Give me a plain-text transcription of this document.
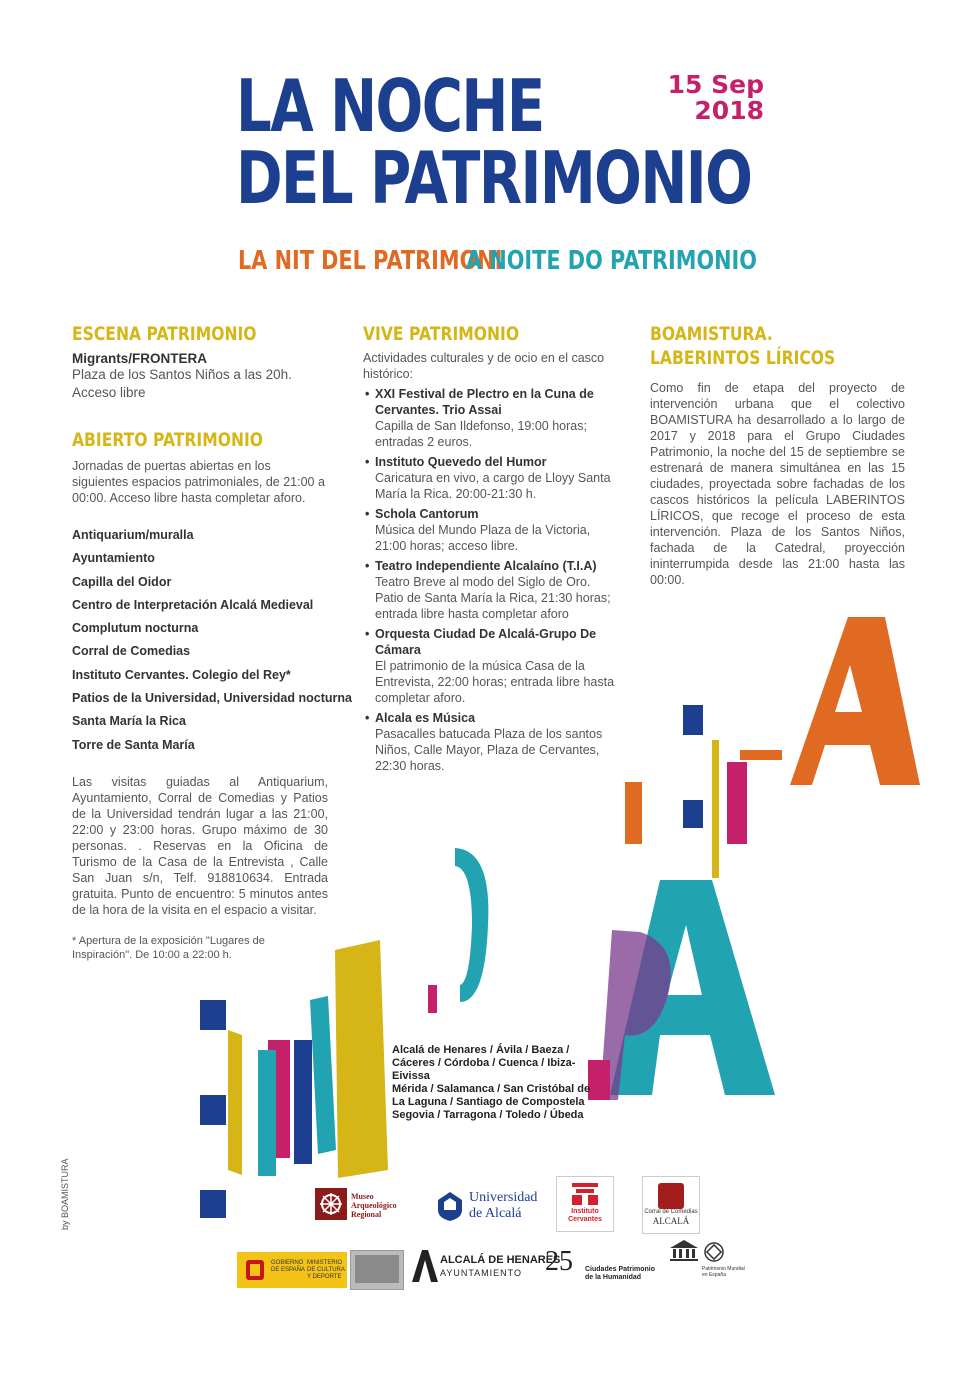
LA NOCHE
DEL PATRIMONIO
15 Sep
2018
LA NIT DEL PATRIMONI
A NOITE DO PATRIMONIO
ESCENA PATRIMONIO
Migrants/FRONTERA
Plaza de los Santos Niños a las 20h.
Acceso libre
ABIERTO PATRIMONIO
Jornadas de puertas abiertas en los siguientes espacios patrimoniales, de 21:00 a 00:00. Acceso libre hasta completar aforo.
Antiquarium/muralla
Ayuntamiento
Capilla del Oidor
Centro de Interpretación Alcalá Medieval
Complutum nocturna
Corral de Comedias
Instituto Cervantes. Colegio del Rey*
Patios de la Universidad, Universidad nocturna
Santa María la Rica
Torre de Santa María
Las visitas guiadas al Antiquarium, Ayuntamiento, Corral de Comedias y Patios de la Universidad tendrán lugar a las 21:00, 22:00 y 23:00 horas. Grupo máximo de 30 personas. . Reservas en la Oficina de Turismo de la Casa de la Entrevista , Calle San Juan s/n, Telf. 918810634. Entrada gratuita. Punto de encuentro: 5 minutos antes de la hora de la visita en el espacio a visitar.
* Apertura de la exposición "Lugares de Inspiración". De 10:00 a 22:00 h.
VIVE PATRIMONIO
Actividades culturales y de ocio en el casco histórico:
• XXI Festival de Plectro en la Cuna de Cervantes. Trio Assai
Capilla de San Ildefonso, 19:00 horas; entradas 2 euros.
• Instituto Quevedo del Humor
Caricatura en vivo, a cargo de Lloyy Santa María la Rica. 20:00-21:30 h.
• Schola Cantorum
Música del Mundo Plaza de la Victoria, 21:00 horas; acceso libre.
• Teatro Independiente Alcalaíno (T.I.A)
Teatro Breve al modo del Siglo de Oro. Patio de Santa María la Rica, 21:30 horas; entrada libre hasta completar aforo
• Orquesta Ciudad De Alcalá-Grupo De Cámara
El patrimonio de la música Casa de la Entrevista, 22:00 horas; entrada libre hasta completar aforo.
• Alcala es Música
Pasacalles batucada Plaza de los santos Niños, Calle Mayor, Plaza de Cervantes, 22:30 horas.
BOAMISTURA.
LABERINTOS LÍRICOS
Como fin de etapa del proyecto de intervención urbana que el colectivo BOAMISTURA ha desarrollado a lo largo de 2017 y 2018 para el Grupo Ciudades Patrimonio, la noche del 15 de septiembre se estrenará de manera simultánea en las 15 ciudades, proyectada sobre fachadas de los cascos históricos la película LABERINTOS LÍRICOS, que recoge el proceso de esta intervención. Plaza de los Santos Niños, fachada de la Catedral, proyección ininterrumpida desde las 21:00 hasta las 00:00.
Alcalá de Henares / Ávila / Baeza /
Cáceres / Córdoba / Cuenca / Ibiza-Eivissa
Mérida / Salamanca / San Cristóbal de
La Laguna / Santiago de Compostela
Segovia / Tarragona / Toledo / Úbeda
by BOAMISTURA	Museo Arqueológico Regional
Universidad
de Alcalá	Instituto Cervantes
Corral de Comedias
ALCALÁ
GOBIERNO DE ESPAÑA
MINISTERIO DE CULTURA Y DEPORTE
ALCALÁ DE HENARES
AYUNTAMIENTO 25 Ciudades Patrimonio
de la Humanidad
Patrimonio Mundial en España
